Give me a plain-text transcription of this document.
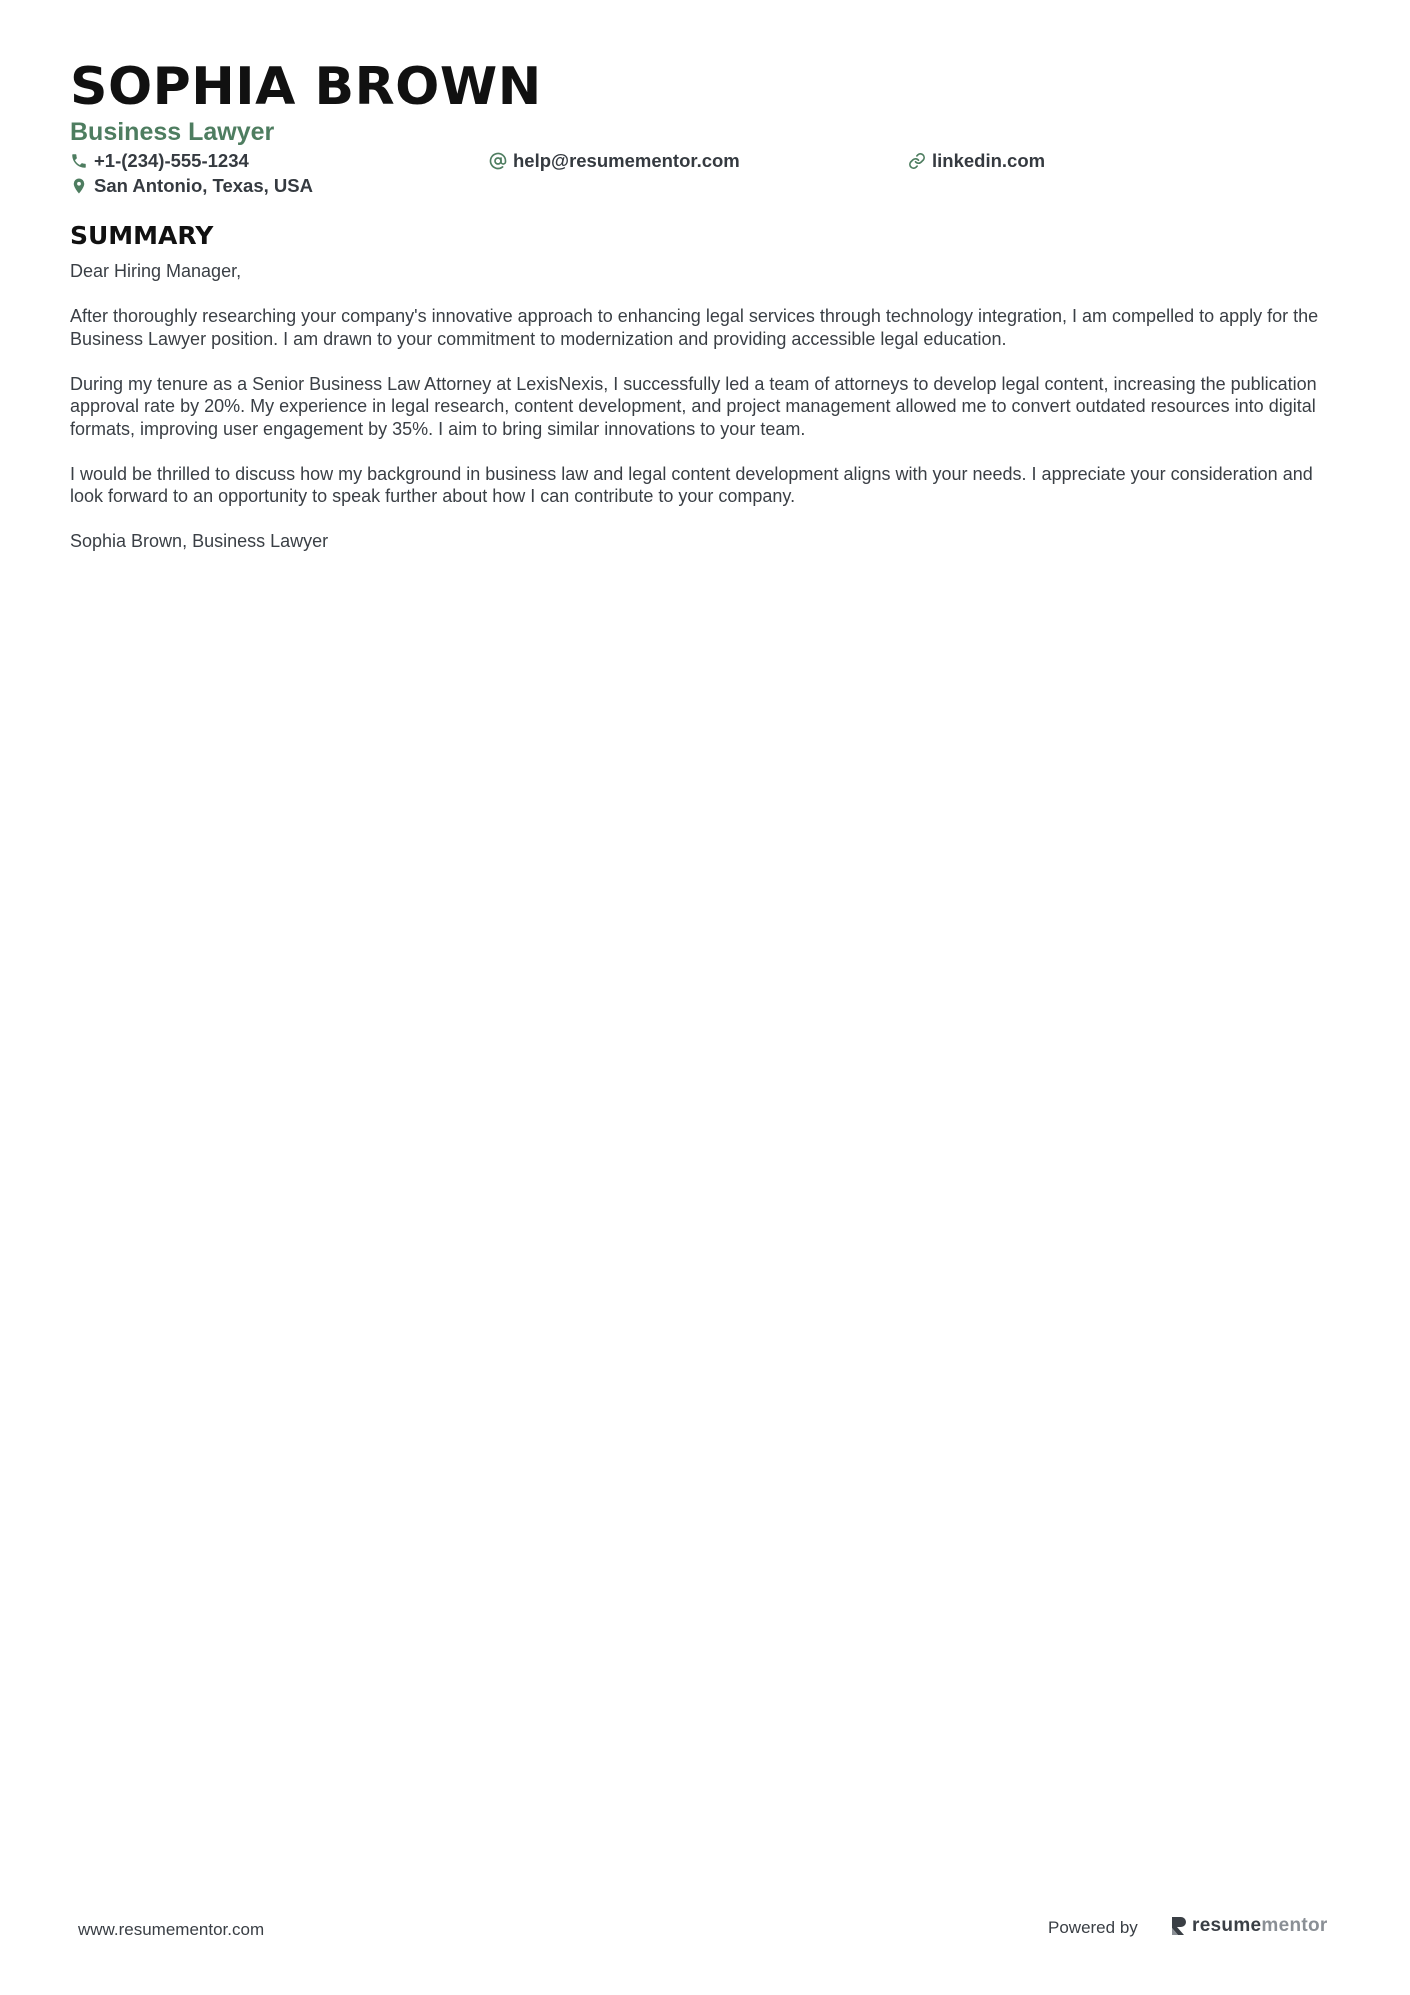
SOPHIA BROWN
Business Lawyer
+1-(234)-555-1234	help@resumementor.com	linkedin.com
San Antonio, Texas, USA
SUMMARY

Dear Hiring Manager,

After thoroughly researching your company's innovative approach to enhancing legal services through technology integration, I am compelled to apply for the Business Lawyer position. I am drawn to your commitment to modernization and providing accessible legal education.

During my tenure as a Senior Business Law Attorney at LexisNexis, I successfully led a team of attorneys to develop legal content, increasing the publication approval rate by 20%. My experience in legal research, content development, and project management allowed me to convert outdated resources into digital formats, improving user engagement by 35%. I aim to bring similar innovations to your team.

I would be thrilled to discuss how my background in business law and legal content development aligns with your needs. I appreciate your consideration and look forward to an opportunity to speak further about how I can contribute to your company.

Sophia Brown, Business Lawyer

www.resumementor.com	Powered by	resumementor
